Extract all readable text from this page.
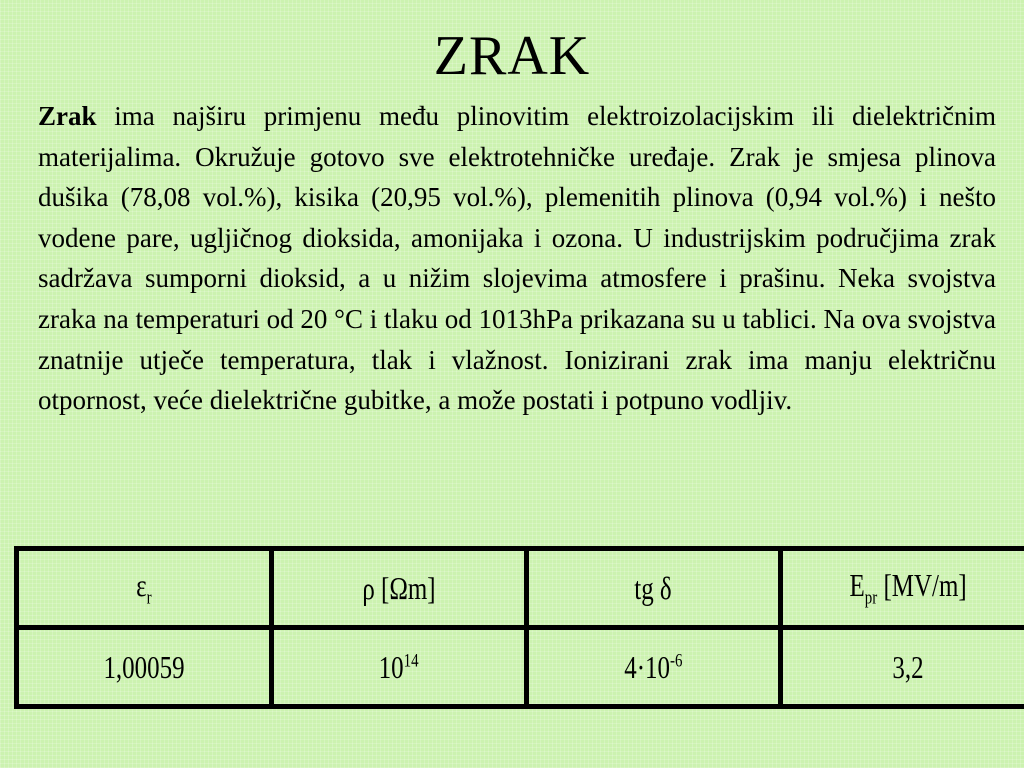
ZRAK

Zrak ima najširu primjenu među plinovitim elektroizolacijskim ili dielektričnim materijalima. Okružuje gotovo sve elektrotehničke uređaje. Zrak je smjesa plinova dušika (78,08 vol.%), kisika (20,95 vol.%), plemenitih plinova (0,94 vol.%) i nešto vodene pare, ugljičnog dioksida, amonijaka i ozona. U industrijskim područjima zrak sadržava sumporni dioksid, a u nižim slojevima atmosfere i prašinu. Neka svojstva zraka na temperaturi od 20 °C i tlaku od 1013hPa prikazana su u tablici. Na ova svojstva znatnije utječe temperatura, tlak i vlažnost. Ionizirani zrak ima manju električnu otpornost, veće dielektrične gubitke, a može postati i potpuno vodljiv.

$\varepsilon_r$	ρ [Ωm]	tg δ	$E_{pr}$ [MV/m]
1,00059	$10^{14}$	$4\cdot 10^{-6}$	3,2
